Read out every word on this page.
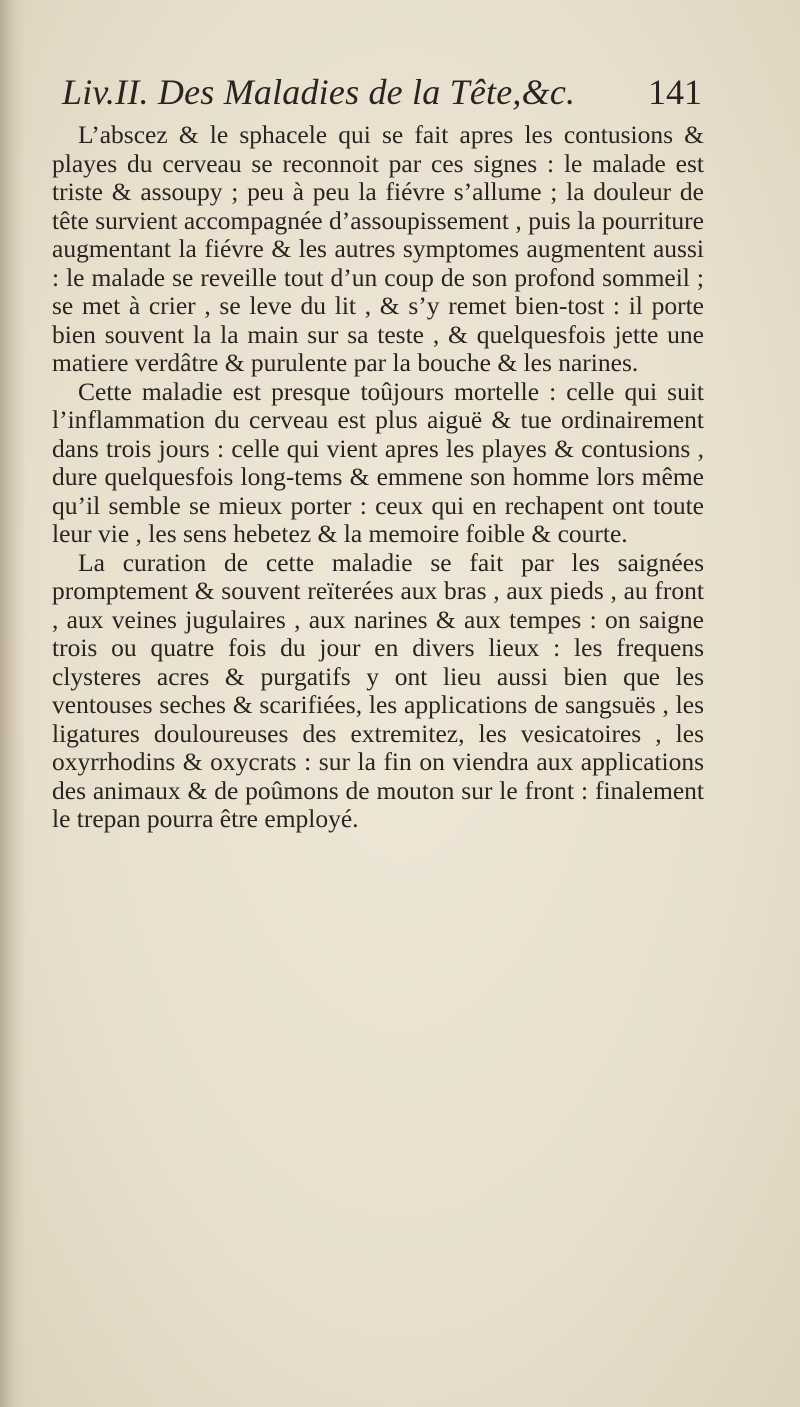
Liv.II. Des Maladies de la Tête,&c. 141

L’abscez & le sphacele qui se fait apres les contusions & playes du cerveau se reconnoit par ces signes : le malade est triste & assoupy ; peu à peu la fiévre s’allume ; la douleur de tête survient accompagnée d’assoupissement , puis la pourriture augmentant la fiévre & les autres symptomes augmentent aussi : le malade se reveille tout d’un coup de son profond sommeil ; se met à crier , se leve du lit , & s’y remet bien-tost : il porte bien souvent la la main sur sa teste , & quelquesfois jette une matiere verdâtre & purulente par la bouche & les narines.

Cette maladie est presque toûjours mortelle : celle qui suit l’inflammation du cerveau est plus aiguë & tue ordinairement dans trois jours : celle qui vient apres les playes & contusions , dure quelquesfois long-tems & emmene son homme lors même qu’il semble se mieux porter : ceux qui en rechapent ont toute leur vie , les sens hebetez & la memoire foible & courte.

La curation de cette maladie se fait par les saignées promptement & souvent reïterées aux bras , aux pieds , au front , aux veines jugulaires , aux narines & aux tempes : on saigne trois ou quatre fois du jour en divers lieux : les frequens clysteres acres & purgatifs y ont lieu aussi bien que les ventouses seches & scarifiées, les applications de sangsuës , les ligatures douloureuses des extremitez, les vesicatoires , les oxyrrhodins & oxycrats : sur la fin on viendra aux applications des animaux & de poûmons de mouton sur le front : finalement le trepan pourra être employé.
